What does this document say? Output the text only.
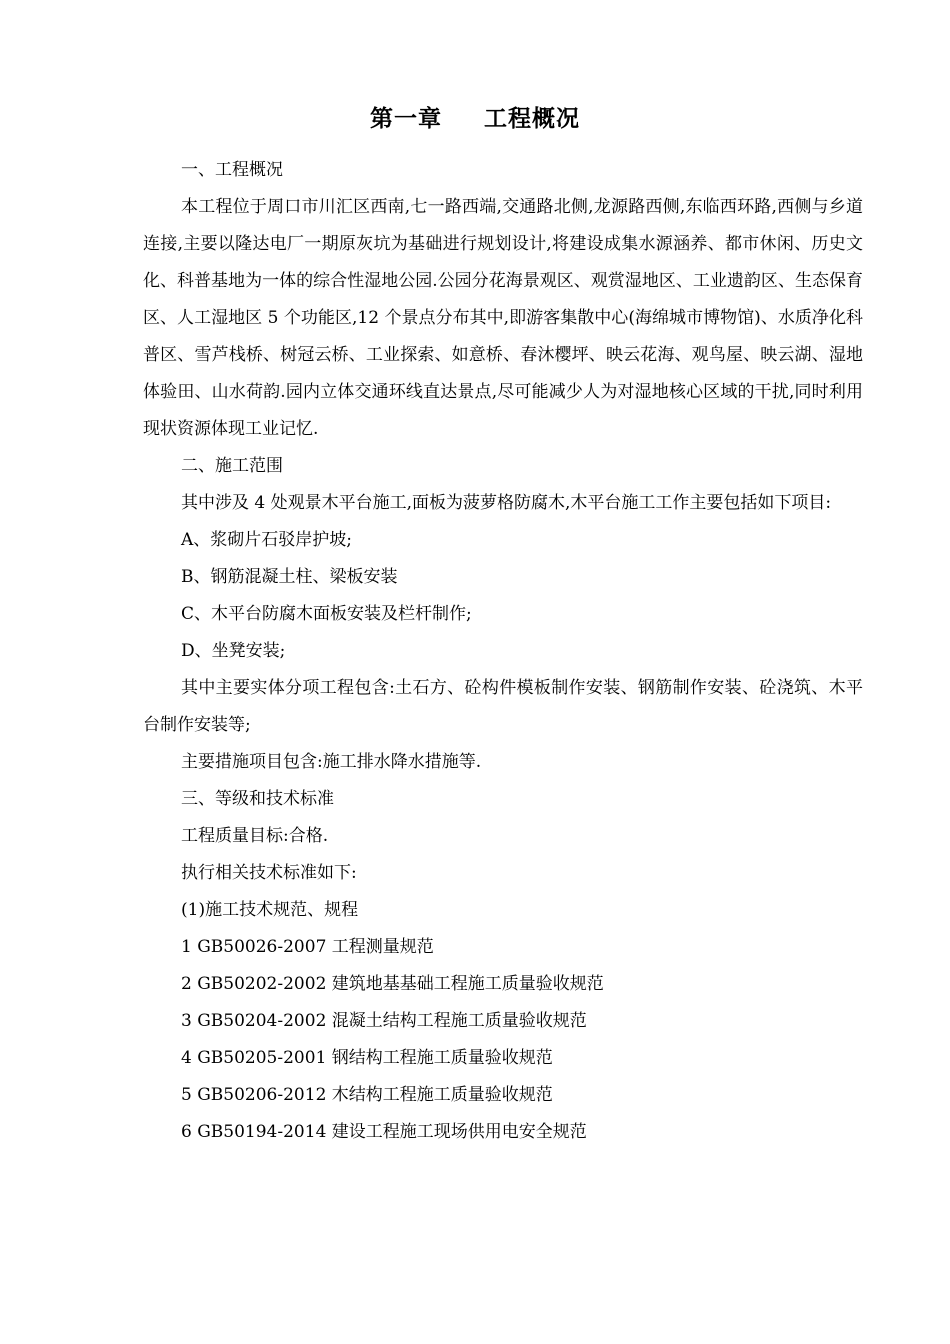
第一章 工程概况

一、工程概况

本工程位于周口市川汇区西南,七一路西端,交通路北侧,龙源路西侧,东临西环路,西侧与乡道连接,主要以隆达电厂一期原灰坑为基础进行规划设计,将建设成集水源涵养、都市休闲、历史文化、科普基地为一体的综合性湿地公园.公园分花海景观区、观赏湿地区、工业遗韵区、生态保育区、人工湿地区 5 个功能区,12 个景点分布其中,即游客集散中心(海绵城市博物馆)、水质净化科普区、雪芦栈桥、树冠云桥、工业探索、如意桥、春沐樱坪、映云花海、观鸟屋、映云湖、湿地体验田、山水荷韵.园内立体交通环线直达景点,尽可能减少人为对湿地核心区域的干扰,同时利用现状资源体现工业记忆.

二、施工范围

其中涉及 4 处观景木平台施工,面板为菠萝格防腐木,木平台施工工作主要包括如下项目:

A、浆砌片石驳岸护坡;

B、钢筋混凝土柱、梁板安装

C、木平台防腐木面板安装及栏杆制作;

D、坐凳安装;

其中主要实体分项工程包含:土石方、砼构件模板制作安装、钢筋制作安装、砼浇筑、木平台制作安装等;

主要措施项目包含:施工排水降水措施等.

三、等级和技术标准

工程质量目标:合格.

执行相关技术标准如下:

(1)施工技术规范、规程

1 GB50026-2007 工程测量规范

2 GB50202-2002 建筑地基基础工程施工质量验收规范

3 GB50204-2002 混凝土结构工程施工质量验收规范

4 GB50205-2001 钢结构工程施工质量验收规范

5 GB50206-2012 木结构工程施工质量验收规范

6 GB50194-2014 建设工程施工现场供用电安全规范
